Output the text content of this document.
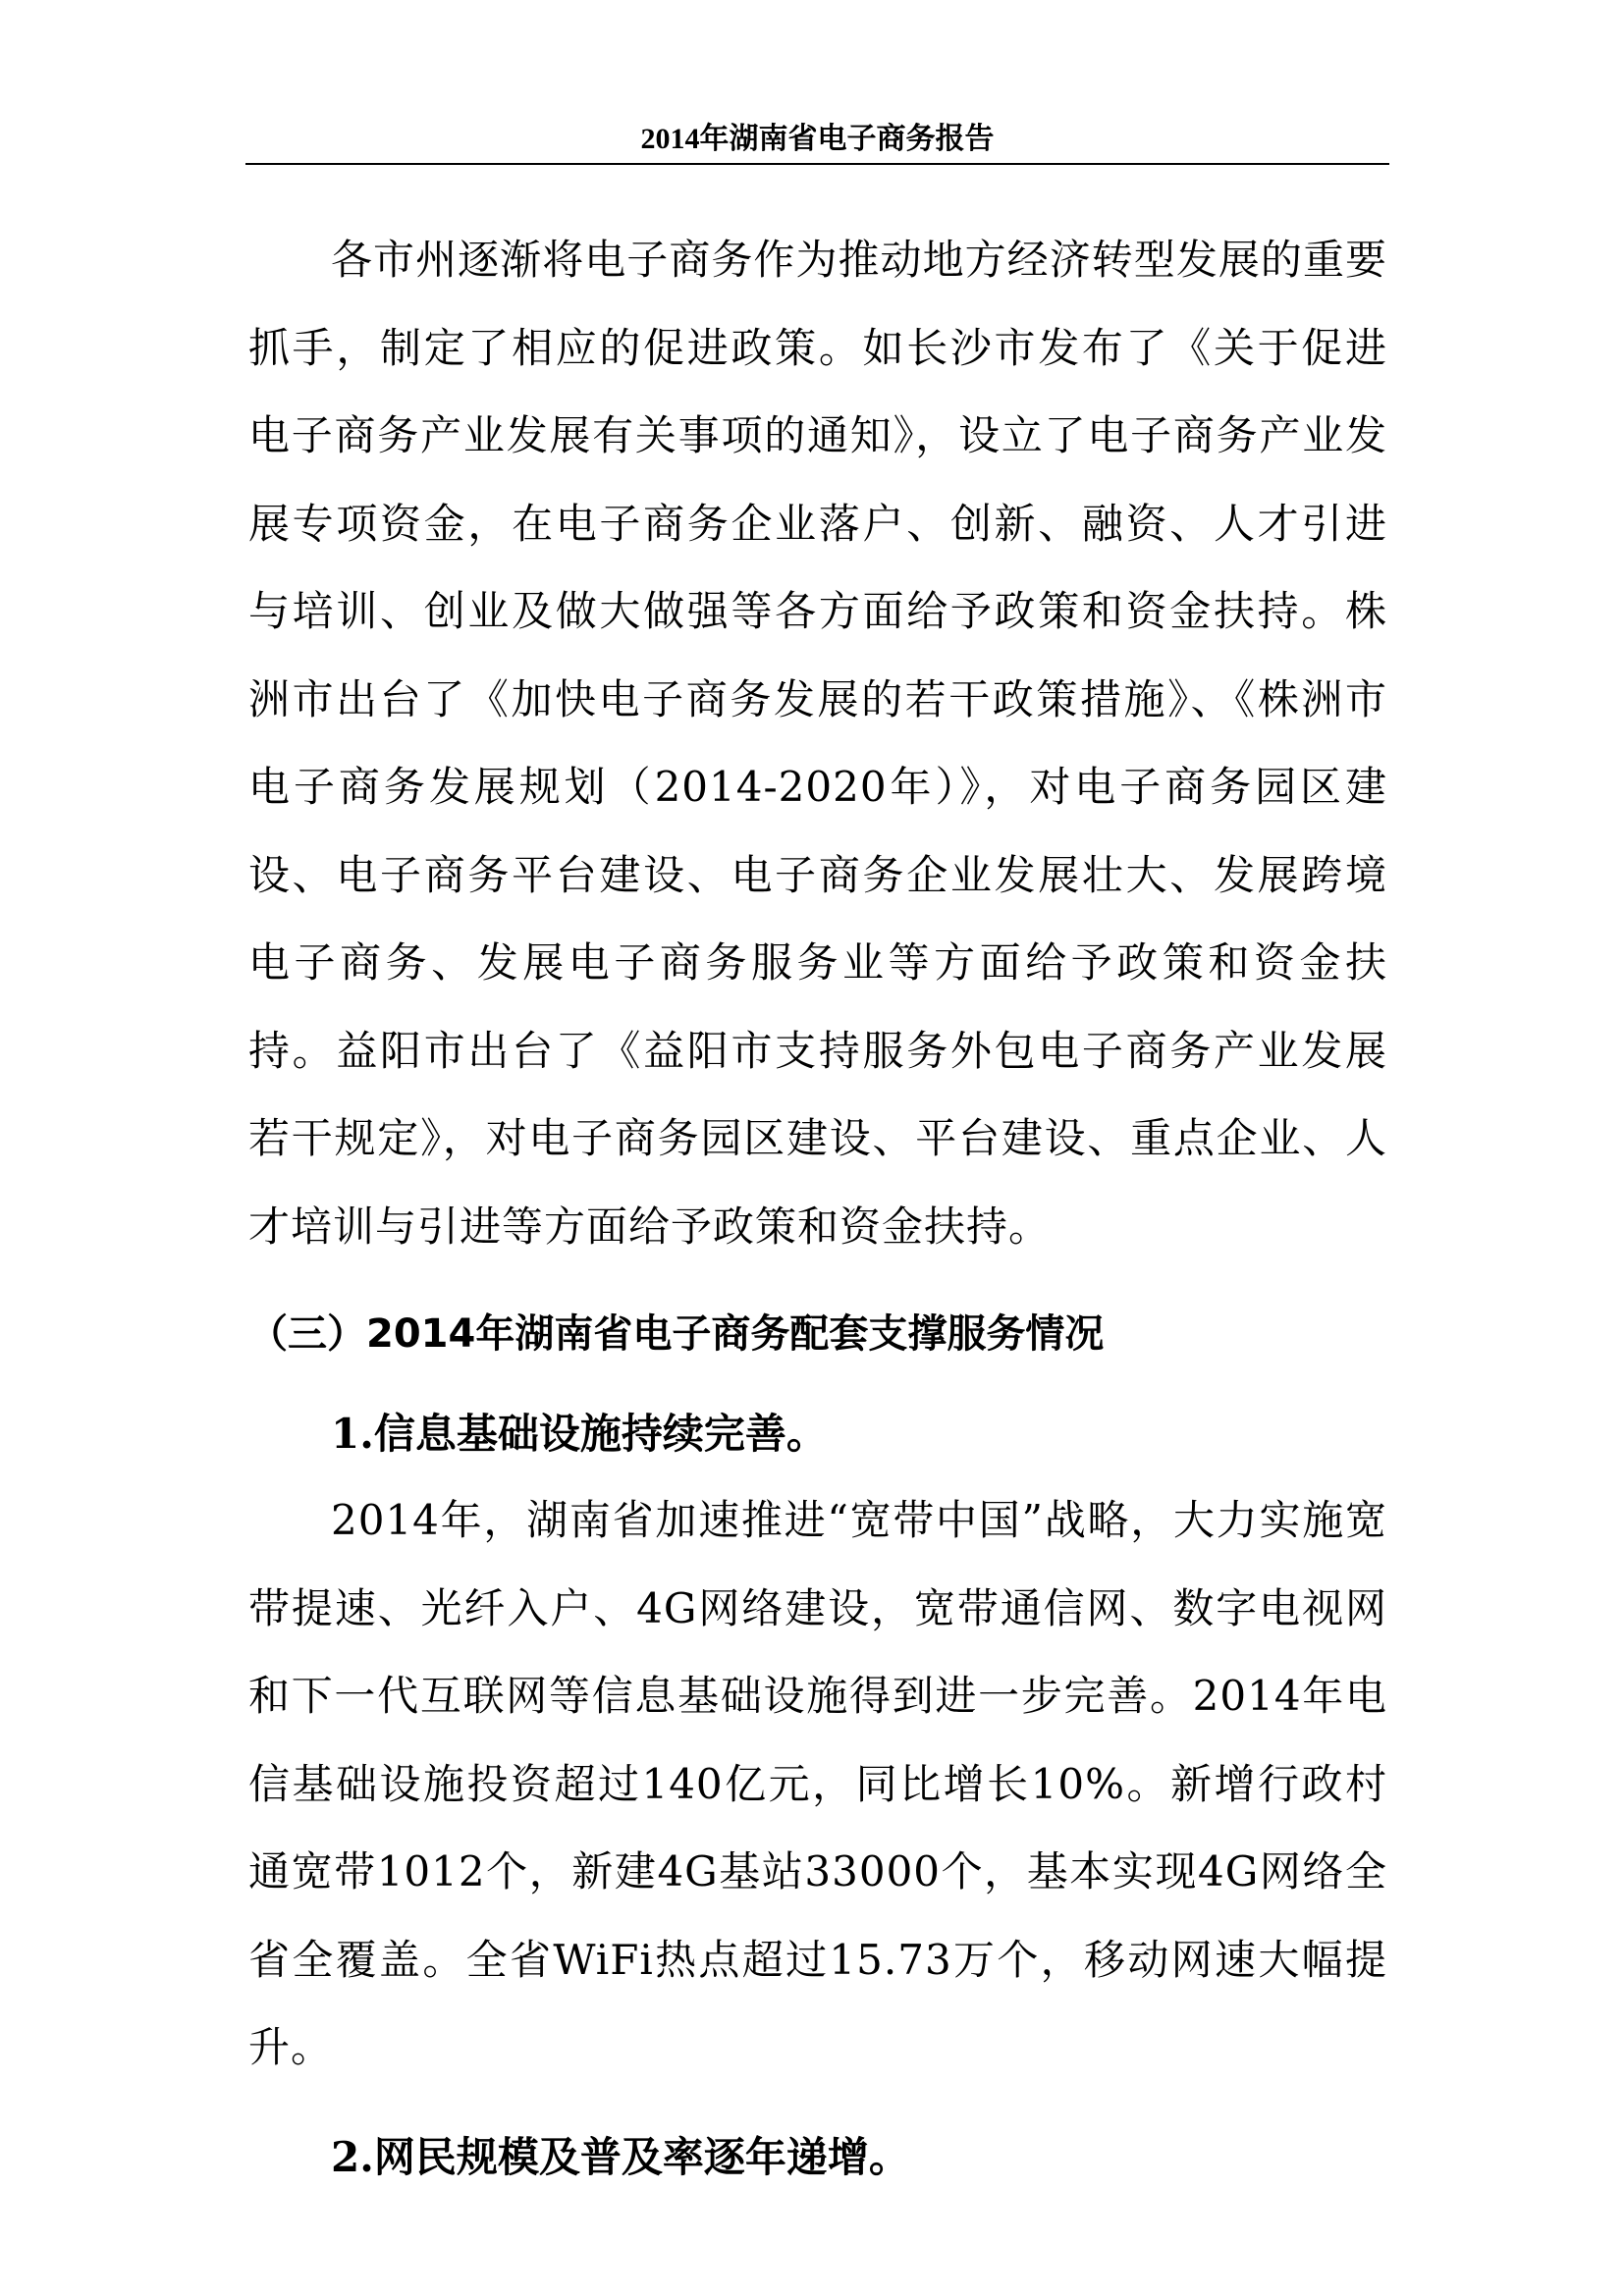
2014年湖南省电子商务报告

各市州逐渐将电子商务作为推动地方经济转型发展的重要抓手，制定了相应的促进政策。如长沙市发布了《关于促进电子商务产业发展有关事项的通知》，设立了电子商务产业发展专项资金，在电子商务企业落户、创新、融资、人才引进与培训、创业及做大做强等各方面给予政策和资金扶持。株洲市出台了《加快电子商务发展的若干政策措施》、《株洲市电子商务发展规划（2014-2020年）》，对电子商务园区建设、电子商务平台建设、电子商务企业发展壮大、发展跨境电子商务、发展电子商务服务业等方面给予政策和资金扶持。益阳市出台了《益阳市支持服务外包电子商务产业发展若干规定》，对电子商务园区建设、平台建设、重点企业、人才培训与引进等方面给予政策和资金扶持。

（三）2014年湖南省电子商务配套支撑服务情况
1.信息基础设施持续完善。

2014年，湖南省加速推进“宽带中国”战略，大力实施宽带提速、光纤入户、4G网络建设，宽带通信网、数字电视网和下一代互联网等信息基础设施得到进一步完善。2014年电信基础设施投资超过140亿元，同比增长10%。新增行政村通宽带1012个，新建4G基站33000个，基本实现4G网络全省全覆盖。全省WiFi热点超过15.73万个，移动网速大幅提升。

2.网民规模及普及率逐年递增。
